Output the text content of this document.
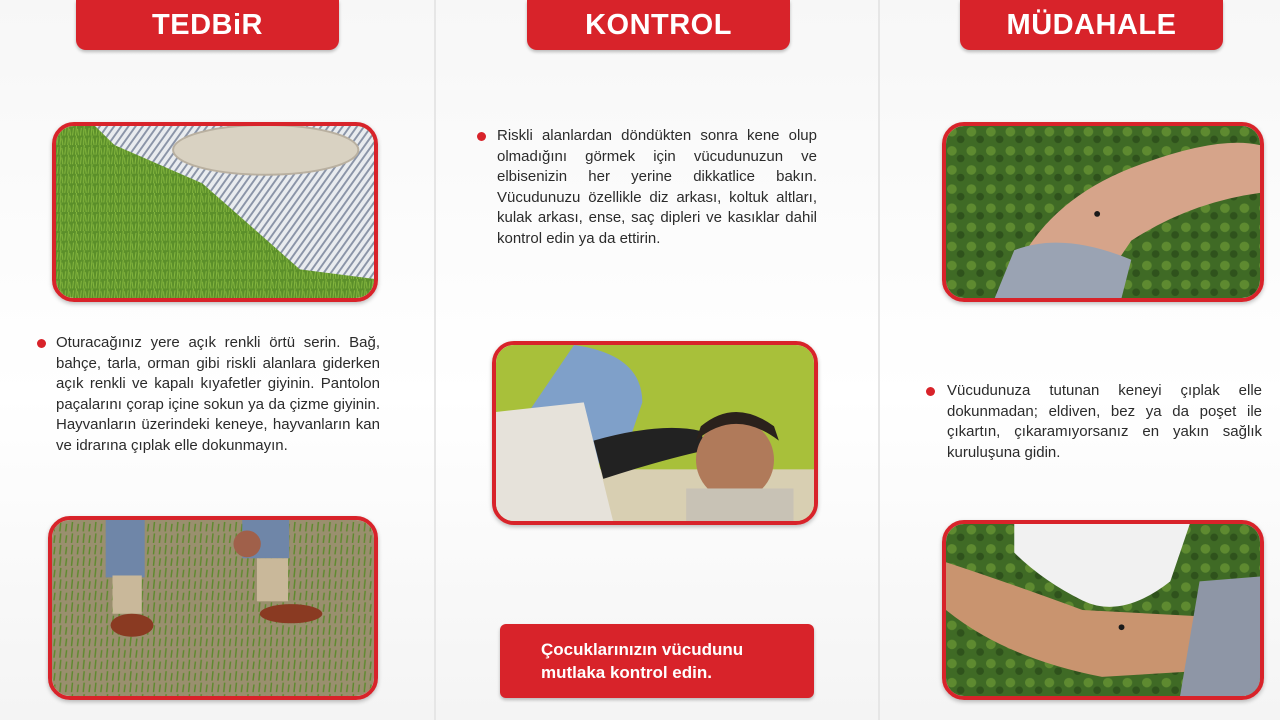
TEDBiR	KONTROL	MÜDAHALE

Oturacağınız yere açık renkli örtü serin. Bağ, bahçe, tarla, orman gibi riskli alanlara giderken açık renkli ve kapalı kıyafetler giyinin. Pantolon paçalarını çorap içine sokun ya da çizme giyinin. Hayvanların üzerindeki keneye, hayvanların kan ve idrarına çıplak elle dokunmayın.

Riskli alanlardan döndükten sonra kene olup olmadığını görmek için vücudunuzun ve elbisenizin her yerine dikkatlice bakın. Vücudunuzu özellikle diz arkası, koltuk altları, kulak arkası, ense, saç dipleri ve kasıklar dahil kontrol edin ya da ettirin.

Çocuklarınızın vücudunu mutlaka kontrol edin.

Vücudunuza tutunan keneyi çıplak elle dokunmadan; eldiven, bez ya da poşet ile çıkartın, çıkaramıyorsanız en yakın sağlık kuruluşuna gidin.
